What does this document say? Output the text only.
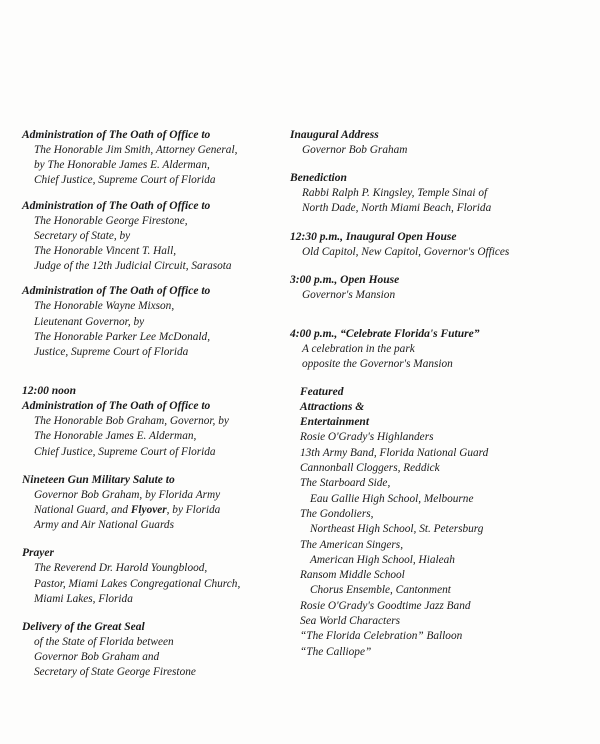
Administration of The Oath of Office to

The Honorable Jim Smith, Attorney General,

by The Honorable James E. Alderman,

Chief Justice, Supreme Court of Florida

Administration of The Oath of Office to

The Honorable George Firestone,

Secretary of State, by

The Honorable Vincent T. Hall,

Judge of the 12th Judicial Circuit, Sarasota

Administration of The Oath of Office to

The Honorable Wayne Mixson,

Lieutenant Governor, by

The Honorable Parker Lee McDonald,

Justice, Supreme Court of Florida

12:00 noon

Administration of The Oath of Office to

The Honorable Bob Graham, Governor, by

The Honorable James E. Alderman,

Chief Justice, Supreme Court of Florida

Nineteen Gun Military Salute to

Governor Bob Graham, by Florida Army

National Guard, and Flyover, by Florida

Army and Air National Guards

Prayer

The Reverend Dr. Harold Youngblood,

Pastor, Miami Lakes Congregational Church,

Miami Lakes, Florida

Delivery of the Great Seal

of the State of Florida between

Governor Bob Graham and

Secretary of State George Firestone

Inaugural Address

Governor Bob Graham

Benediction

Rabbi Ralph P. Kingsley, Temple Sinai of

North Dade, North Miami Beach, Florida

12:30 p.m., Inaugural Open House

Old Capitol, New Capitol, Governor's Offices

3:00 p.m., Open House

Governor's Mansion

4:00 p.m., “Celebrate Florida's Future”

A celebration in the park

opposite the Governor's Mansion

Featured

Attractions &

Entertainment

Rosie O'Grady's Highlanders

13th Army Band, Florida National Guard

Cannonball Cloggers, Reddick

The Starboard Side,

Eau Gallie High School, Melbourne

The Gondoliers,

Northeast High School, St. Petersburg

The American Singers,

American High School, Hialeah

Ransom Middle School

Chorus Ensemble, Cantonment

Rosie O'Grady's Goodtime Jazz Band

Sea World Characters

“The Florida Celebration” Balloon

“The Calliope”
